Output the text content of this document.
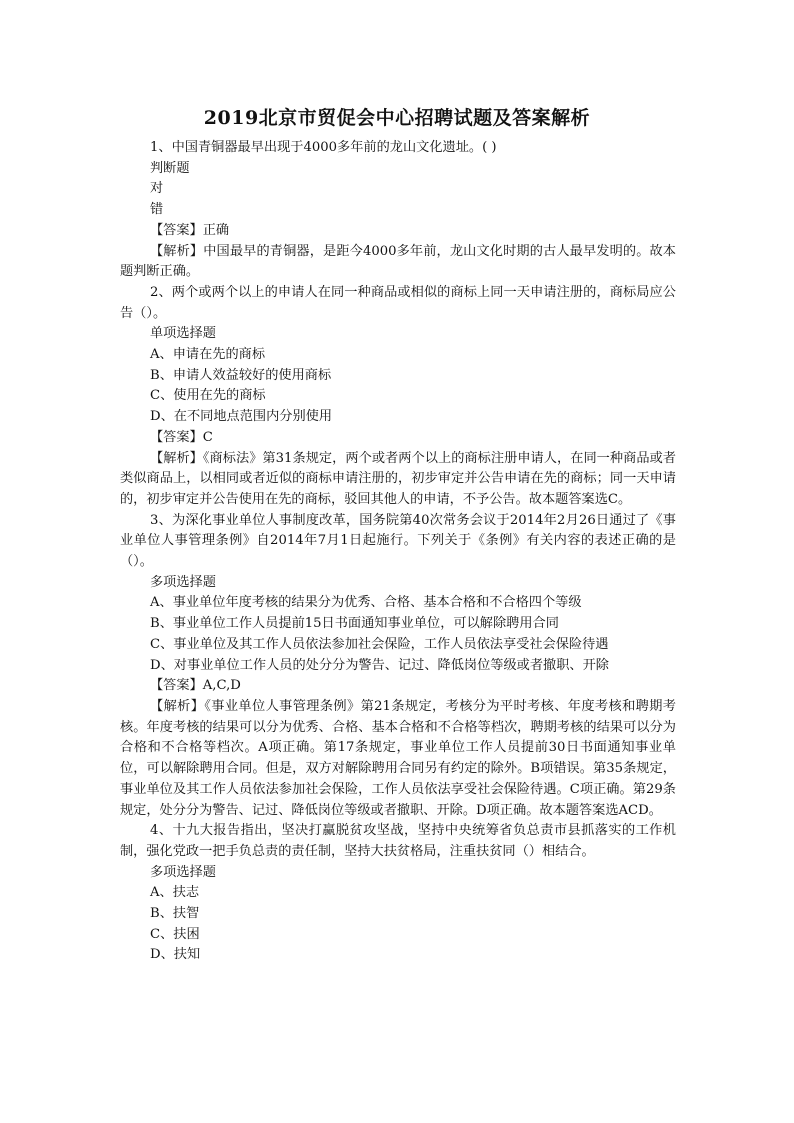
2019北京市贸促会中心招聘试题及答案解析

1、中国青铜器最早出现于4000多年前的龙山文化遗址。( )

判断题

对

错

【答案】正确

【解析】中国最早的青铜器，是距今4000多年前，龙山文化时期的古人最早发明的。故本题判断正确。

2、两个或两个以上的申请人在同一种商品或相似的商标上同一天申请注册的，商标局应公告（）。

单项选择题

A、申请在先的商标

B、申请人效益较好的使用商标

C、使用在先的商标

D、在不同地点范围内分别使用

【答案】C

【解析】《商标法》第31条规定，两个或者两个以上的商标注册申请人，在同一种商品或者类似商品上，以相同或者近似的商标申请注册的，初步审定并公告申请在先的商标；同一天申请的，初步审定并公告使用在先的商标，驳回其他人的申请，不予公告。故本题答案选C。

3、为深化事业单位人事制度改革，国务院第40次常务会议于2014年2月26日通过了《事业单位人事管理条例》自2014年7月1日起施行。下列关于《条例》有关内容的表述正确的是（）。

多项选择题

A、事业单位年度考核的结果分为优秀、合格、基本合格和不合格四个等级

B、事业单位工作人员提前15日书面通知事业单位，可以解除聘用合同

C、事业单位及其工作人员依法参加社会保险，工作人员依法享受社会保险待遇

D、对事业单位工作人员的处分分为警告、记过、降低岗位等级或者撤职、开除

【答案】A,C,D

【解析】《事业单位人事管理条例》第21条规定，考核分为平时考核、年度考核和聘期考核。年度考核的结果可以分为优秀、合格、基本合格和不合格等档次，聘期考核的结果可以分为合格和不合格等档次。A项正确。第17条规定，事业单位工作人员提前30日书面通知事业单位，可以解除聘用合同。但是，双方对解除聘用合同另有约定的除外。B项错误。第35条规定，事业单位及其工作人员依法参加社会保险，工作人员依法享受社会保险待遇。C项正确。第29条规定，处分分为警告、记过、降低岗位等级或者撤职、开除。D项正确。故本题答案选ACD。

4、十九大报告指出，坚决打赢脱贫攻坚战，坚持中央统筹省负总责市县抓落实的工作机制，强化党政一把手负总责的责任制，坚持大扶贫格局，注重扶贫同（）相结合。

多项选择题

A、扶志

B、扶智

C、扶困

D、扶知
